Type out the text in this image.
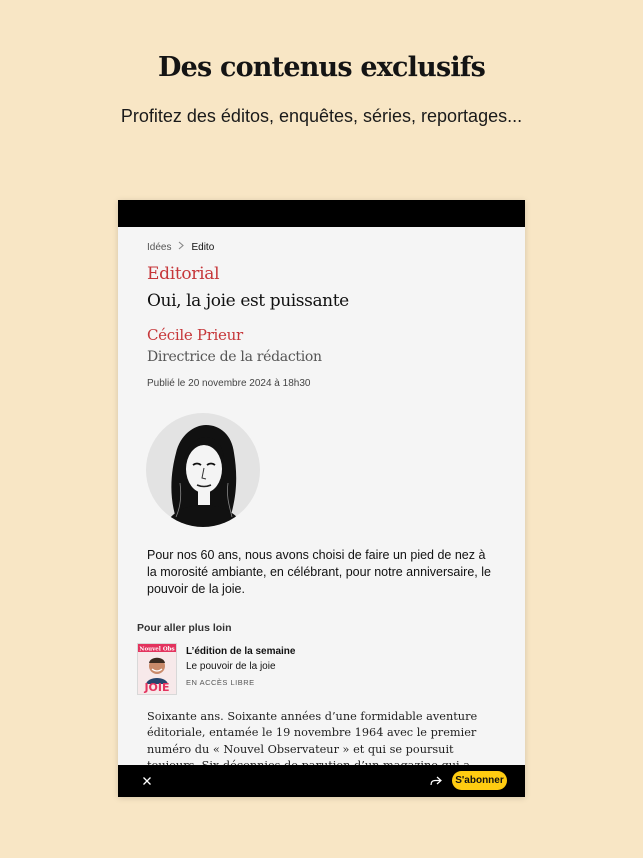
Des contenus exclusifs
Profitez des éditos, enquêtes, séries, reportages...
Idées Edito
Editorial
Oui, la joie est puissante
Cécile Prieur
Directrice de la rédaction
Publié le 20 novembre 2024 à 18h30
Pour nos 60 ans, nous avons choisi de faire un pied de nez à la morosité ambiante, en célébrant, pour notre anniversaire, le pouvoir de la joie.
Pour aller plus loin
Nouvel Obs
JOIE
L’édition de la semaine
Le pouvoir de la joie
EN ACCÈS LIBRE
Soixante ans. Soixante années d’une formidable aventure éditoriale, entamée le 19 novembre 1964 avec le premier numéro du « Nouvel Observateur » et qui se poursuit
S'abonner
